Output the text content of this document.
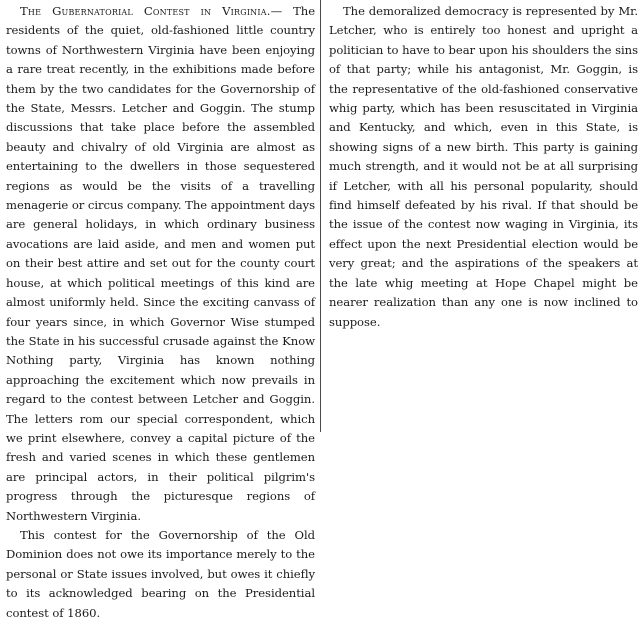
The Gubernatorial Contest in Virginia.— The residents of the quiet, old-fashioned little country towns of Northwestern Virginia have been enjoying a rare treat recently, in the exhibitions made before them by the two candidates for the Governorship of the State, Messrs. Letcher and Goggin. The stump discussions that take place before the assembled beauty and chivalry of old Virginia are almost as entertaining to the dwellers in those sequestered regions as would be the visits of a travelling menagerie or circus company. The appointment days are general holidays, in which ordinary business avocations are laid aside, and men and women put on their best attire and set out for the county court house, at which political meetings of this kind are almost uniformly held. Since the exciting canvass of four years since, in which Governor Wise stumped the State in his successful crusade against the Know Nothing party, Virginia has known nothing approaching the excitement which now prevails in regard to the contest between Letcher and Goggin. The letters rom our special correspondent, which we print elsewhere, convey a capital picture of the fresh and varied scenes in which these gentlemen are principal actors, in their political pilgrim's progress through the picturesque regions of Northwestern Virginia.

This contest for the Governorship of the Old Dominion does not owe its importance merely to the personal or State issues involved, but owes it chiefly to its acknowledged bearing on the Presidential contest of 1860.

The demoralized democracy is represented by Mr. Letcher, who is entirely too honest and upright a politician to have to bear upon his shoulders the sins of that party; while his antagonist, Mr. Goggin, is the representative of the old-fashioned conservative whig party, which has been resuscitated in Virginia and Kentucky, and which, even in this State, is showing signs of a new birth. This party is gaining much strength, and it would not be at all surprising if Letcher, with all his personal popularity, should find himself defeated by his rival. If that should be the issue of the contest now waging in Virginia, its effect upon the next Presidential election would be very great; and the aspirations of the speakers at the late whig meeting at Hope Chapel might be nearer realization than any one is now inclined to suppose.
